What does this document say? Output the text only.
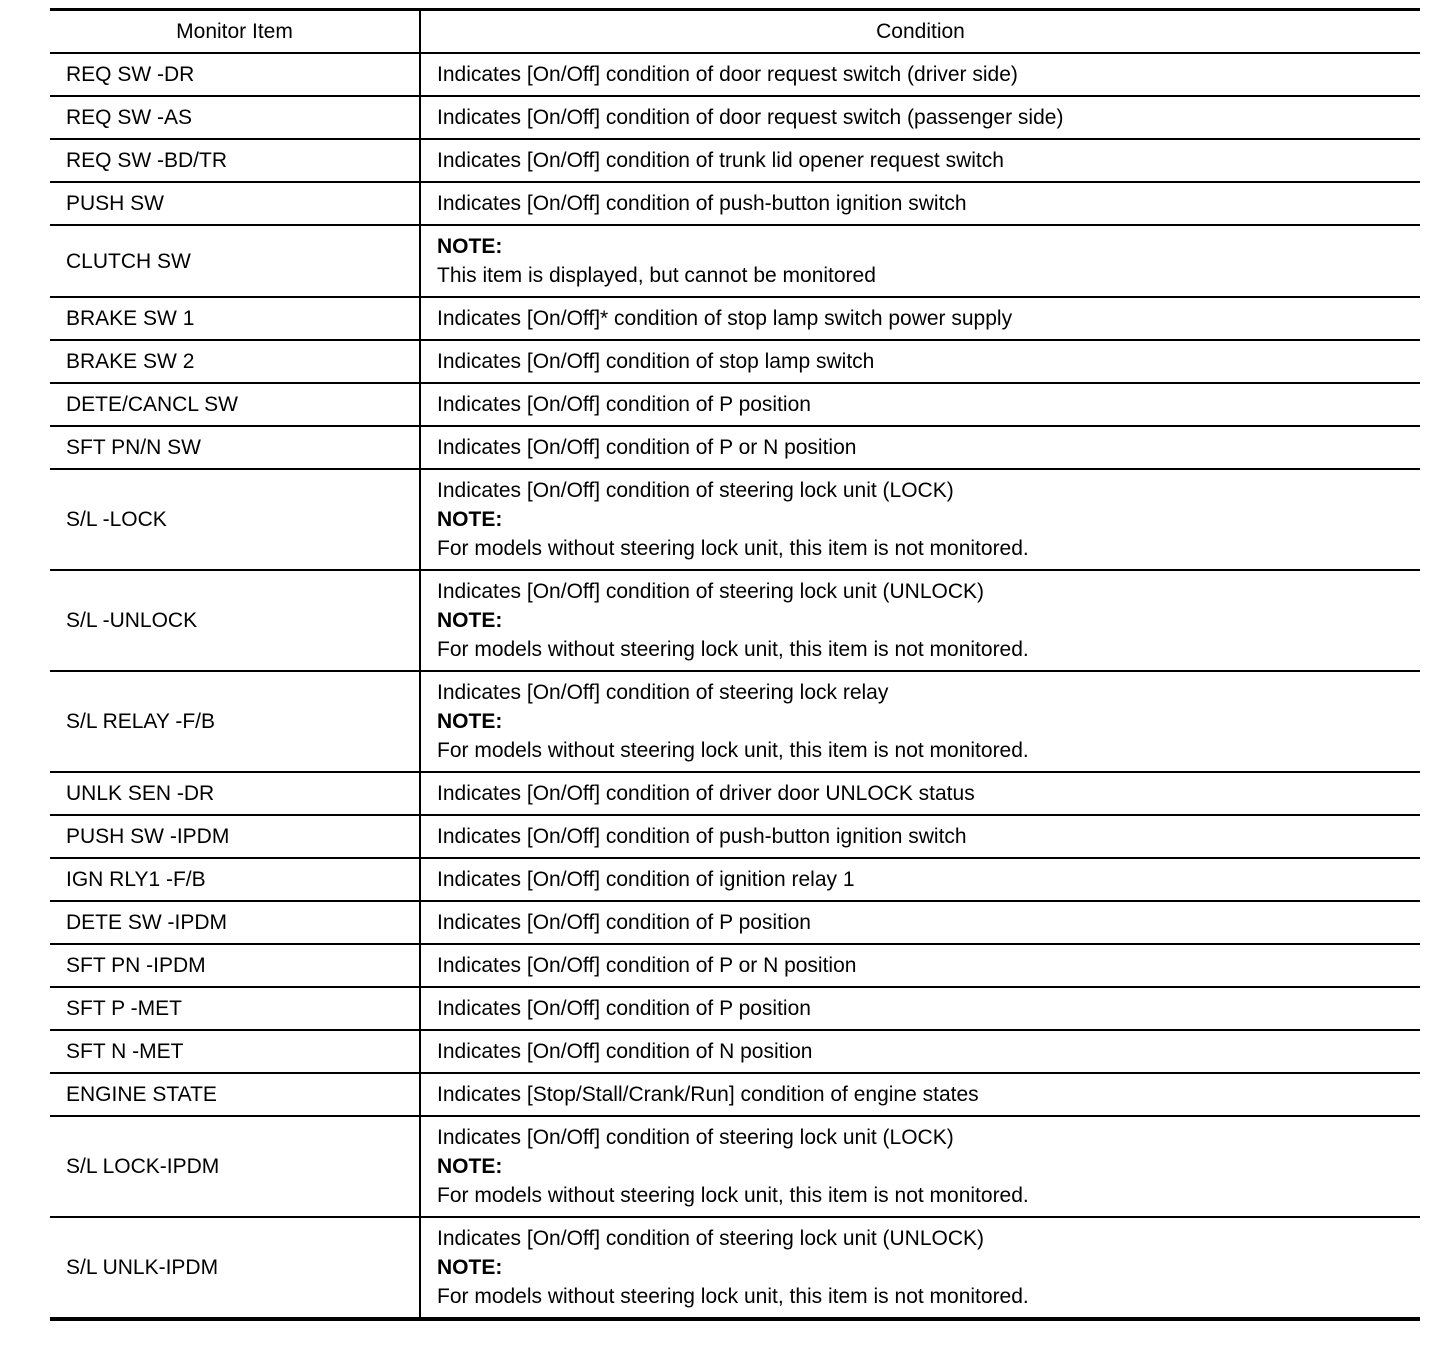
Monitor Item	Condition
REQ SW -DR	Indicates [On/Off] condition of door request switch (driver side)

REQ SW -AS	Indicates [On/Off] condition of door request switch (passenger side)

REQ SW -BD/TR	Indicates [On/Off] condition of trunk lid opener request switch

PUSH SW	Indicates [On/Off] condition of push-button ignition switch

CLUTCH SW	NOTE:
This item is displayed, but cannot be monitored

BRAKE SW 1	Indicates [On/Off]* condition of stop lamp switch power supply

BRAKE SW 2	Indicates [On/Off] condition of stop lamp switch

DETE/CANCL SW	Indicates [On/Off] condition of P position

SFT PN/N SW	Indicates [On/Off] condition of P or N position

S/L -LOCK	Indicates [On/Off] condition of steering lock unit (LOCK)
NOTE:
For models without steering lock unit, this item is not monitored.

S/L -UNLOCK	Indicates [On/Off] condition of steering lock unit (UNLOCK)
NOTE:
For models without steering lock unit, this item is not monitored.

S/L RELAY -F/B	Indicates [On/Off] condition of steering lock relay
NOTE:
For models without steering lock unit, this item is not monitored.

UNLK SEN -DR	Indicates [On/Off] condition of driver door UNLOCK status

PUSH SW -IPDM	Indicates [On/Off] condition of push-button ignition switch

IGN RLY1 -F/B	Indicates [On/Off] condition of ignition relay 1

DETE SW -IPDM	Indicates [On/Off] condition of P position

SFT PN -IPDM	Indicates [On/Off] condition of P or N position

SFT P -MET	Indicates [On/Off] condition of P position

SFT N -MET	Indicates [On/Off] condition of N position

ENGINE STATE	Indicates [Stop/Stall/Crank/Run] condition of engine states

S/L LOCK-IPDM	Indicates [On/Off] condition of steering lock unit (LOCK)
NOTE:
For models without steering lock unit, this item is not monitored.

S/L UNLK-IPDM	Indicates [On/Off] condition of steering lock unit (UNLOCK)
NOTE:
For models without steering lock unit, this item is not monitored.
